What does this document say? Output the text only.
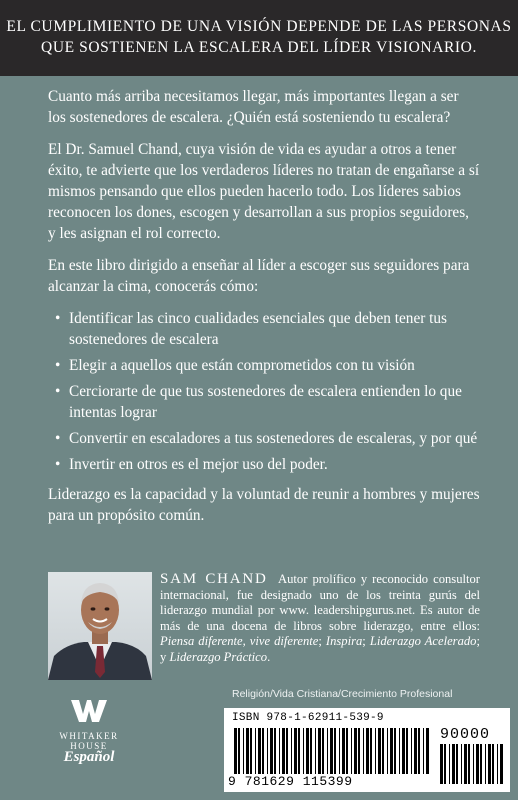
EL CUMPLIMIENTO DE UNA VISIÓN DEPENDE DE LAS PERSONAS
QUE SOSTIENEN LA ESCALERA DEL LÍDER VISIONARIO.

Cuanto más arriba necesitamos llegar, más importantes llegan a ser los sostenedores de escalera. ¿Quién está sosteniendo tu escalera?

El Dr. Samuel Chand, cuya visión de vida es ayudar a otros a tener éxito, te advierte que los verdaderos líderes no tratan de engañarse a sí mismos pensando que ellos pueden hacerlo todo. Los líderes sabios reconocen los dones, escogen y desarrollan a sus propios seguidores, y les asignan el rol correcto.

En este libro dirigido a enseñar al líder a escoger sus seguidores para alcanzar la cima, conocerás cómo:

• Identificar las cinco cualidades esenciales que deben tener tus sostenedores de escalera
• Elegir a aquellos que están comprometidos con tu visión
• Cerciorarte de que tus sostenedores de escalera entienden lo que intentas lograr
• Convertir en escaladores a tus sostenedores de escaleras, y por qué
• Invertir en otros es el mejor uso del poder.

Liderazgo es la capacidad y la voluntad de reunir a hombres y mujeres para un propósito común.

SAM CHAND Autor prolífico y reconocido consultor internacional, fue designado uno de los treinta gurús del liderazgo mundial por www. leadershipgurus.net. Es autor de más de una docena de libros sobre liderazgo, entre ellos: Piensa diferente, vive diferente; Inspira; Liderazgo Acelerado; y Liderazgo Práctico.
WHITAKER
HOUSE
Español
Religión/Vida Cristiana/Crecimiento Profesional
ISBN 978-1-62911-539-9
90000
9 781629 115399
